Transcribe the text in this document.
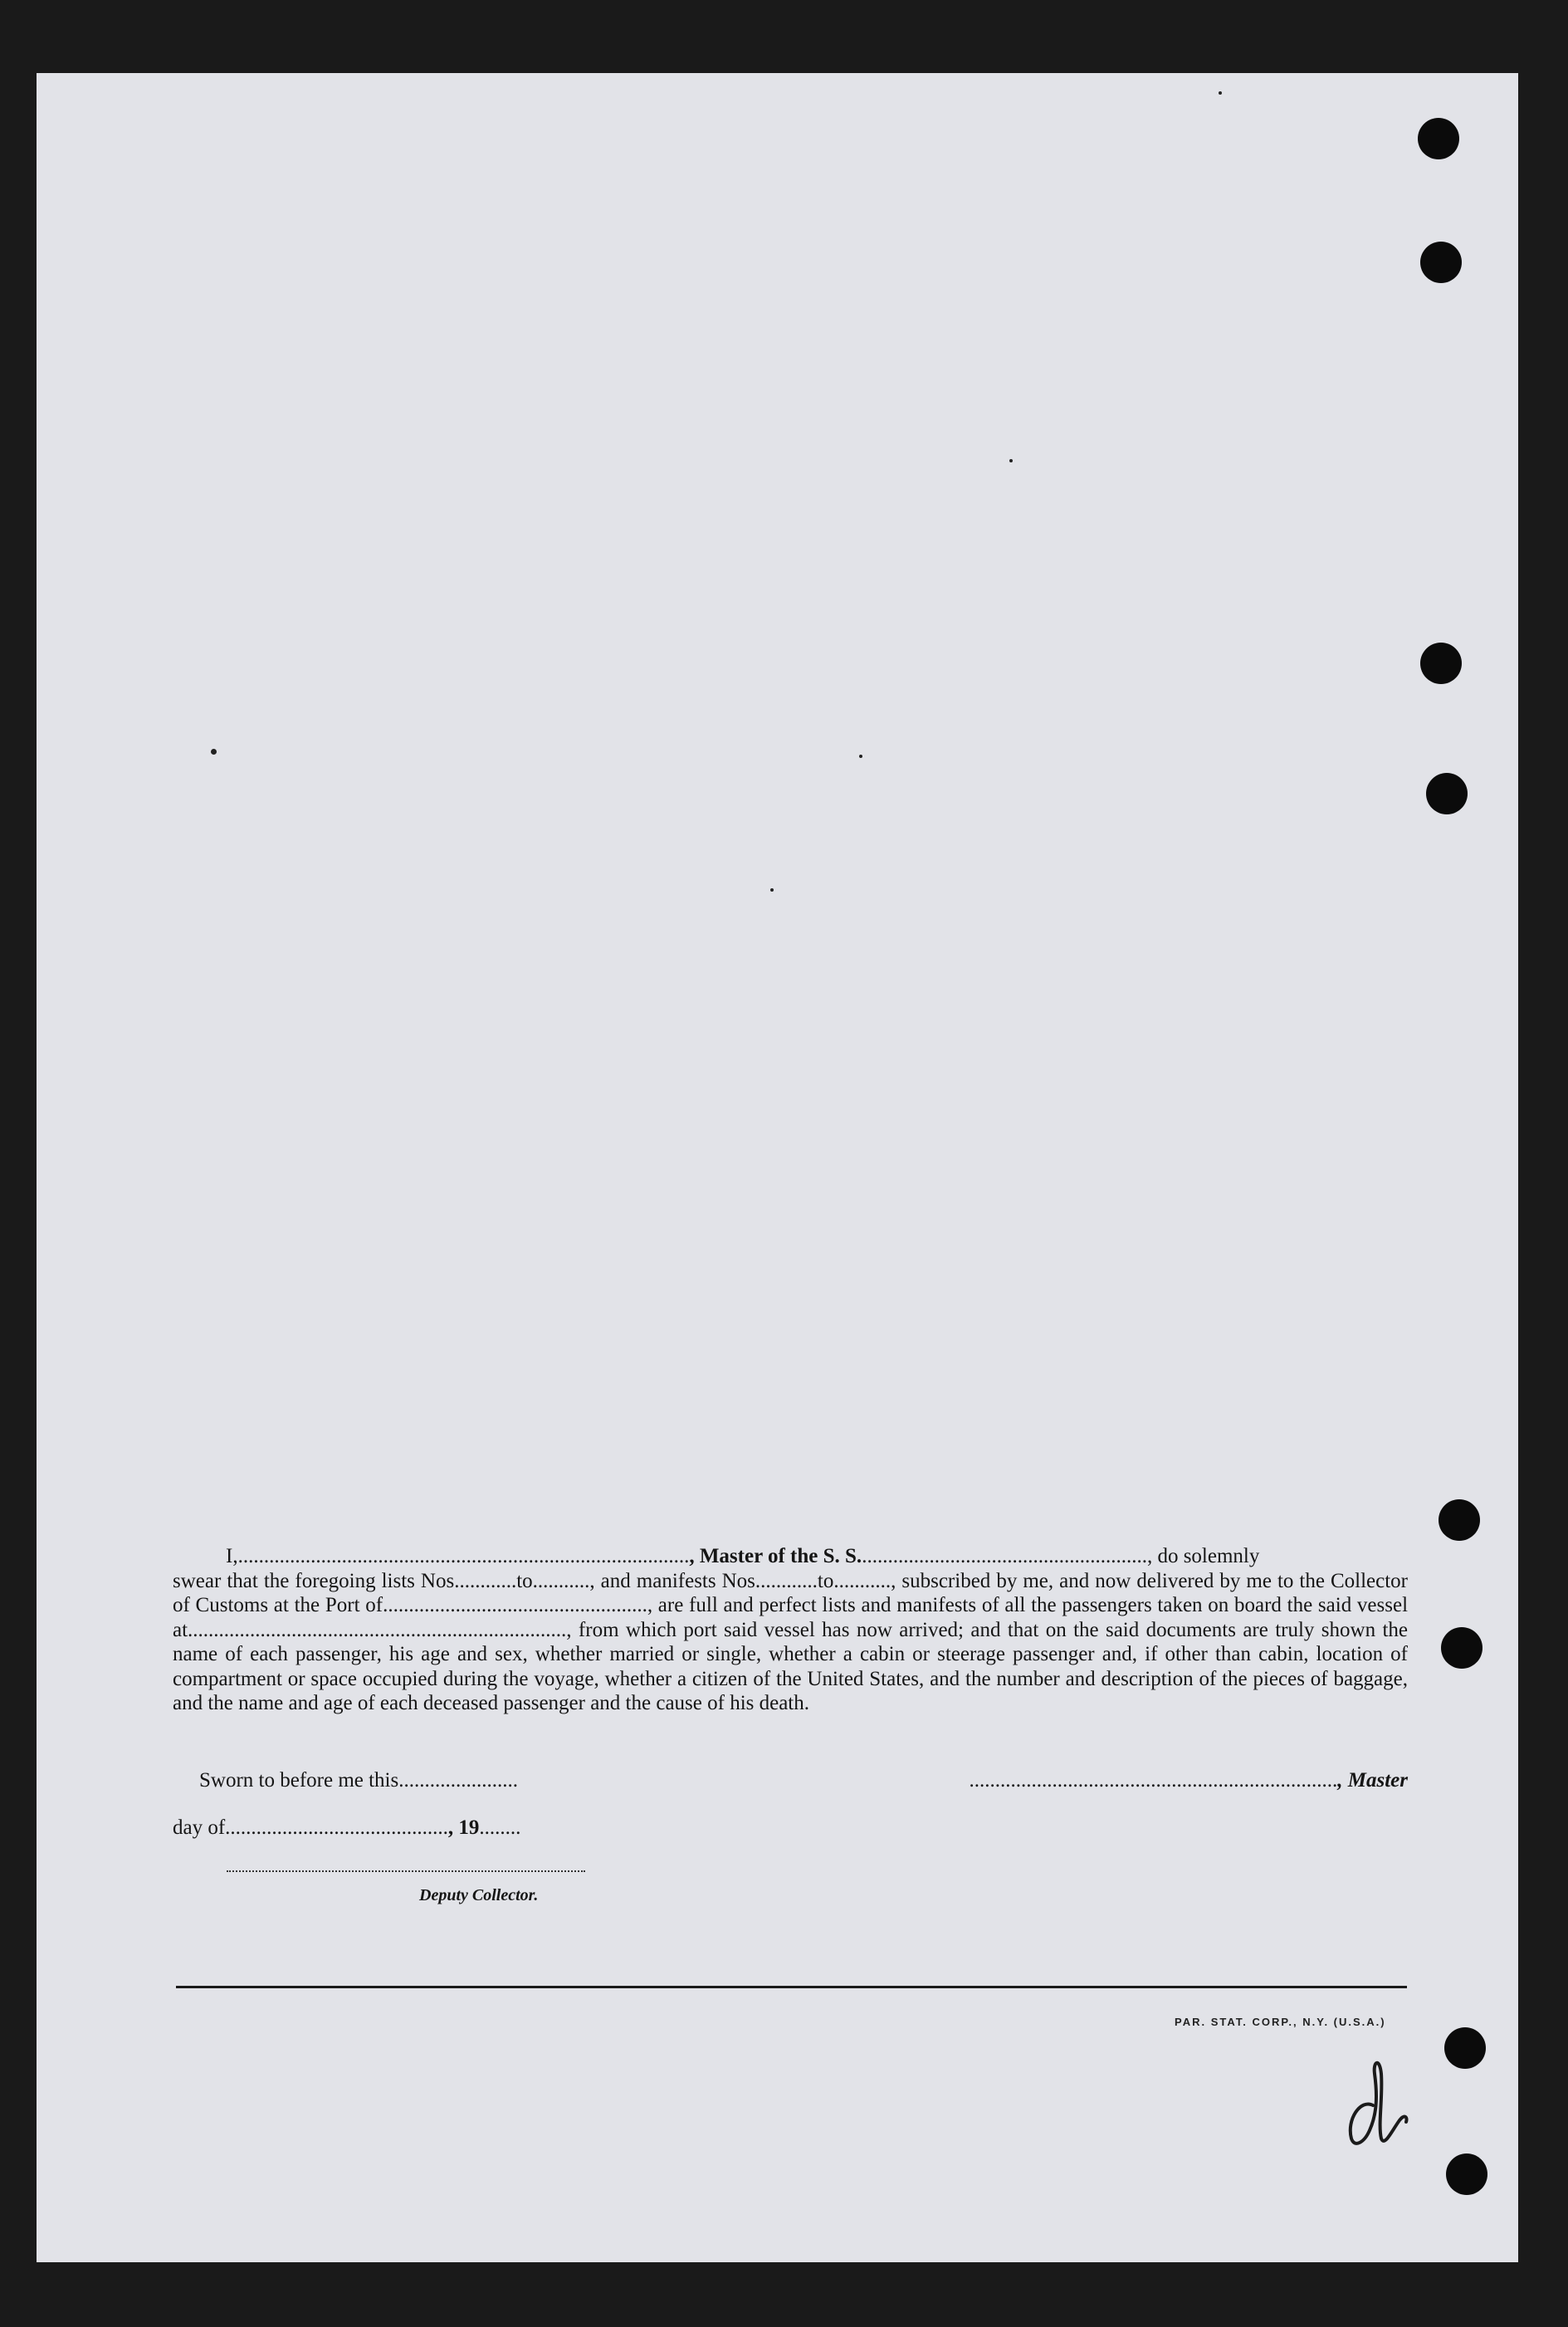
I,......................................................................................., Master of the S. S........................................................, do solemnly

swear that the foregoing lists Nos............to..........., and manifests Nos............to..........., subscribed by me, and now delivered by me to the Collector of Customs at the Port of..................................................., are full and perfect lists and manifests of all the passengers taken on board the said vessel at........................................................................., from which port said vessel has now arrived; and that on the said documents are truly shown the name of each passenger, his age and sex, whether married or single, whether a cabin or steerage passenger and, if other than cabin, location of compartment or space occupied during the voyage, whether a citizen of the United States, and the number and description of the pieces of baggage, and the name and age of each deceased passenger and the cause of his death.
Sworn to before me this.......................	......................................................................., Master
day of..........................................., 19........
Deputy Collector.
PAR. STAT. CORP., N.Y. (U.S.A.)
